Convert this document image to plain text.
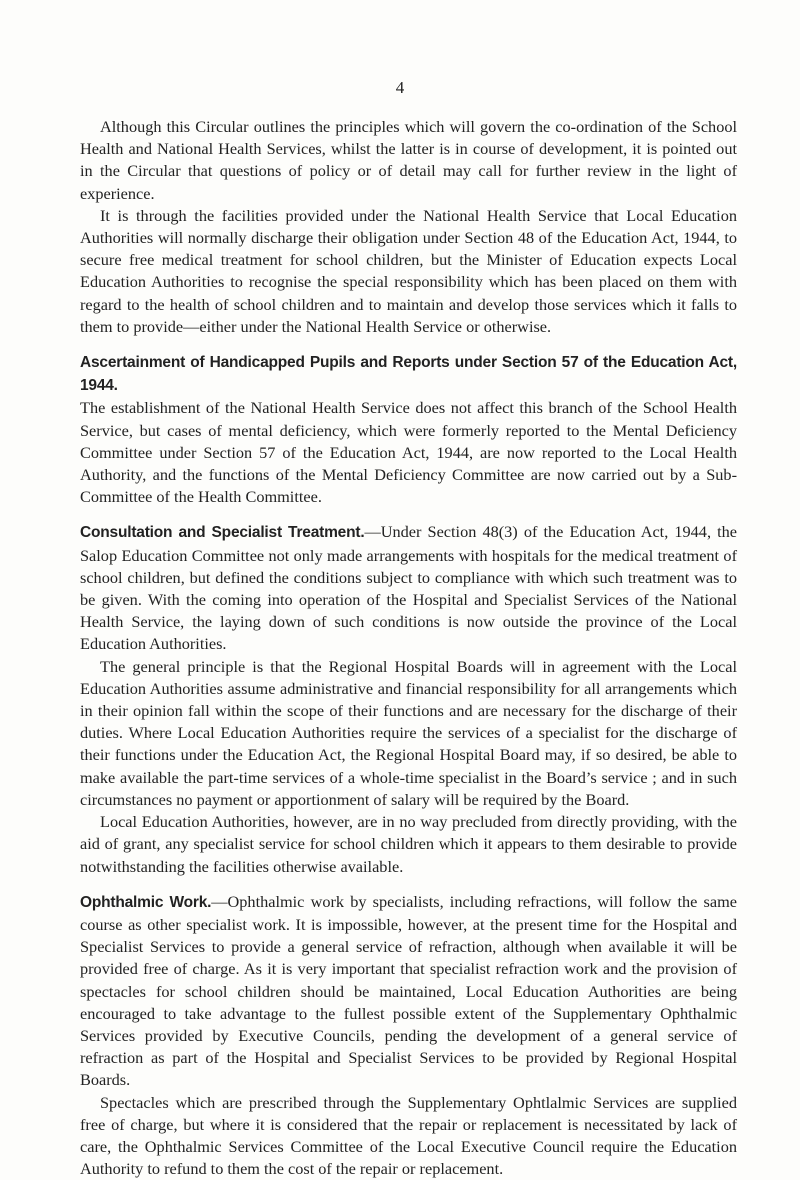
4

Although this Circular outlines the principles which will govern the co-ordination of the School Health and National Health Services, whilst the latter is in course of development, it is pointed out in the Circular that questions of policy or of detail may call for further review in the light of experience.

It is through the facilities provided under the National Health Service that Local Education Authorities will normally discharge their obligation under Section 48 of the Education Act, 1944, to secure free medical treatment for school children, but the Minister of Education expects Local Education Authorities to recognise the special responsibility which has been placed on them with regard to the health of school children and to maintain and develop those services which it falls to them to provide—either under the National Health Service or otherwise.

Ascertainment of Handicapped Pupils and Reports under Section 57 of the Education Act, 1944.
The establishment of the National Health Service does not affect this branch of the School Health Service, but cases of mental deficiency, which were formerly reported to the Mental Deficiency Committee under Section 57 of the Education Act, 1944, are now reported to the Local Health Authority, and the functions of the Mental Deficiency Committee are now carried out by a Sub-Committee of the Health Committee.

Consultation and Specialist Treatment.—Under Section 48(3) of the Education Act, 1944, the Salop Education Committee not only made arrangements with hospitals for the medical treatment of school children, but defined the conditions subject to compliance with which such treatment was to be given. With the coming into operation of the Hospital and Specialist Services of the National Health Service, the laying down of such conditions is now outside the province of the Local Education Authorities.

The general principle is that the Regional Hospital Boards will in agreement with the Local Education Authorities assume administrative and financial responsibility for all arrangements which in their opinion fall within the scope of their functions and are necessary for the discharge of their duties. Where Local Education Authorities require the services of a specialist for the discharge of their functions under the Education Act, the Regional Hospital Board may, if so desired, be able to make available the part-time services of a whole-time specialist in the Board’s service ; and in such circumstances no payment or apportionment of salary will be required by the Board.

Local Education Authorities, however, are in no way precluded from directly providing, with the aid of grant, any specialist service for school children which it appears to them desirable to provide notwithstanding the facilities otherwise available.

Ophthalmic Work.—Ophthalmic work by specialists, including refractions, will follow the same course as other specialist work. It is impossible, however, at the present time for the Hospital and Specialist Services to provide a general service of refraction, although when available it will be provided free of charge. As it is very important that specialist refraction work and the provision of spectacles for school children should be maintained, Local Education Authorities are being encouraged to take advantage to the fullest possible extent of the Supplementary Ophthalmic Services provided by Executive Councils, pending the development of a general service of refraction as part of the Hospital and Specialist Services to be provided by Regional Hospital Boards.

Spectacles which are prescribed through the Supplementary Ophtlalmic Services are supplied free of charge, but where it is considered that the repair or replacement is necessitated by lack of care, the Ophthalmic Services Committee of the Local Executive Council require the Education Authority to refund to them the cost of the repair or replacement.
